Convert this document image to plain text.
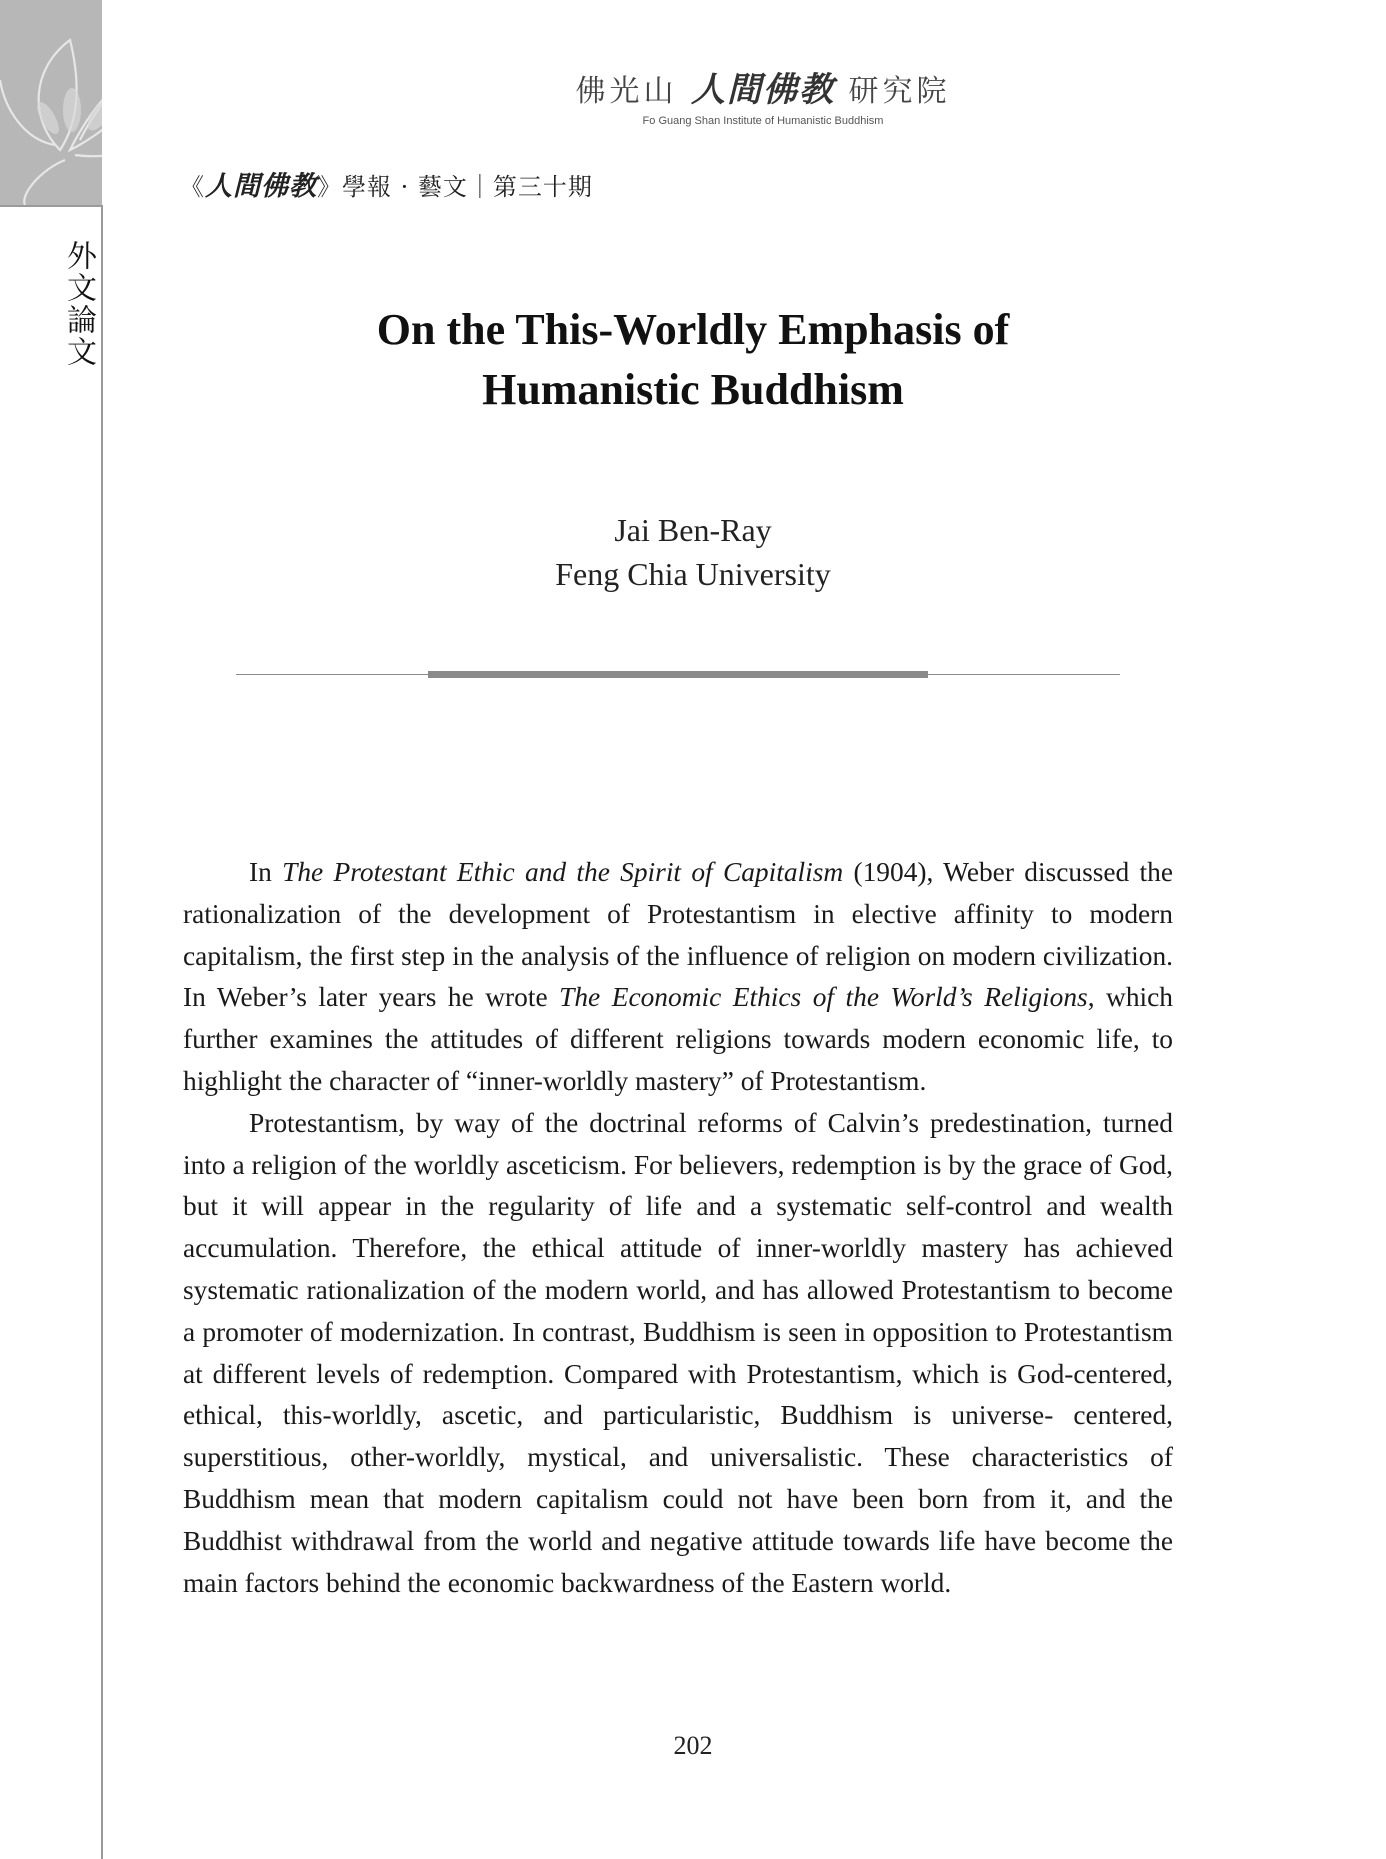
外文論文
佛光山 人間佛教 研究院
Fo Guang Shan Institute of Humanistic Buddhism
《人間佛教》學報 · 藝文｜第三十期
On the This-Worldly Emphasis of
Humanistic Buddhism
Jai Ben-Ray
Feng Chia University

In The Protestant Ethic and the Spirit of Capitalism (1904), Weber discussed the rationalization of the development of Protestantism in elective affinity to modern capitalism, the first step in the analysis of the influence of religion on modern civilization. In Weber’s later years he wrote The Economic Ethics of the World’s Religions, which further examines the attitudes of different religions towards modern economic life, to highlight the character of “inner-worldly mastery” of Protestantism.

Protestantism, by way of the doctrinal reforms of Calvin’s predestination, turned into a religion of the worldly asceticism. For believers, redemption is by the grace of God, but it will appear in the regularity of life and a systematic self-control and wealth accumulation. Therefore, the ethical attitude of inner-worldly mastery has achieved systematic rationalization of the modern world, and has allowed Protestantism to become a promoter of modernization. In contrast, Buddhism is seen in opposition to Protestantism at different levels of redemption. Compared with Protestantism, which is God-centered, ethical, this-worldly, ascetic, and particularistic, Buddhism is universe- centered, superstitious, other-worldly, mystical, and universalistic. These characteristics of Buddhism mean that modern capitalism could not have been born from it, and the Buddhist withdrawal from the world and negative attitude towards life have become the main factors behind the economic backwardness of the Eastern world.

202
